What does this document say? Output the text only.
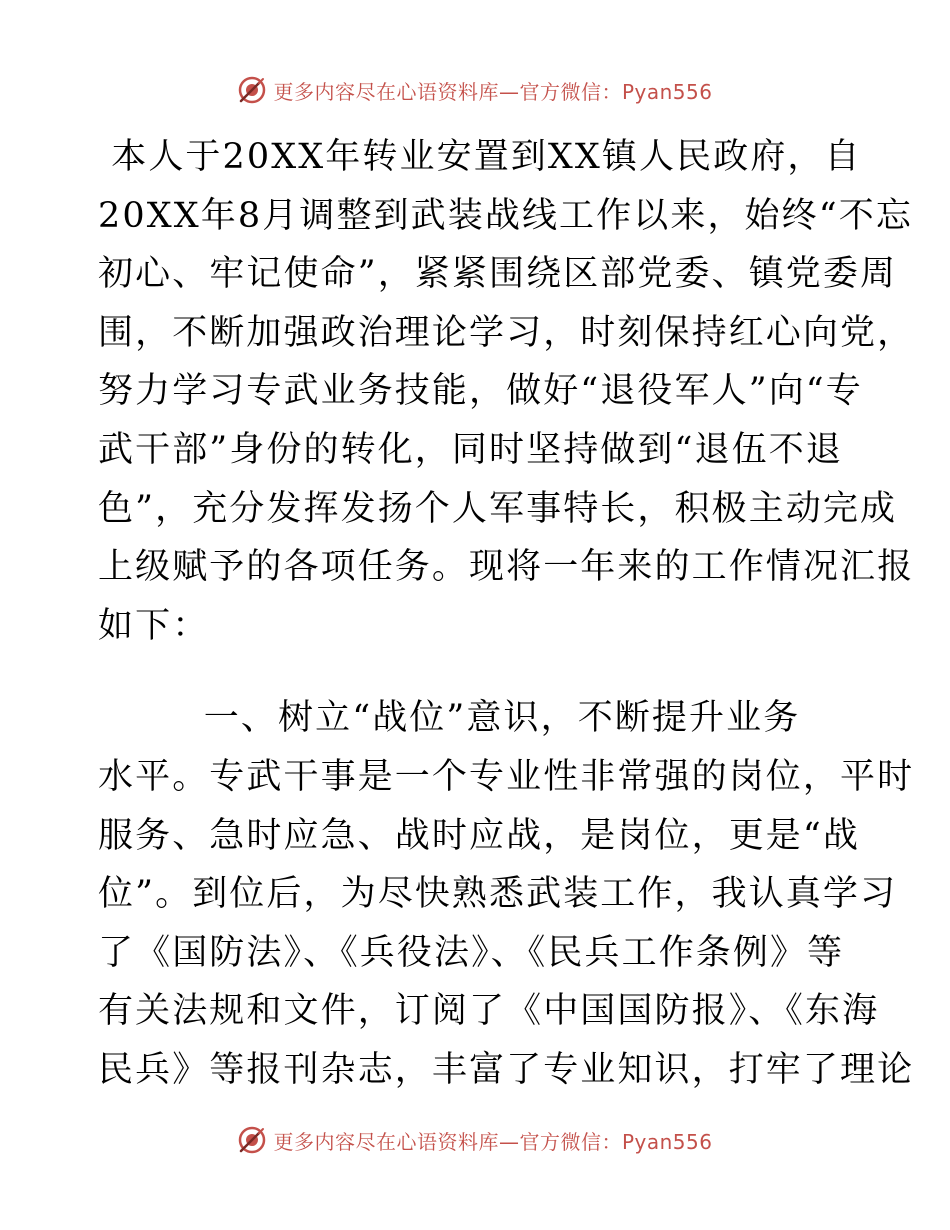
更多内容尽在心语资料库—官方微信：Pyan556
本人于20XX年转业安置到XX镇人民政府，自
20XX年8月调整到武装战线工作以来，始终“不忘
初心、牢记使命”，紧紧围绕区部党委、镇党委周
围，不断加强政治理论学习，时刻保持红心向党，
努力学习专武业务技能，做好“退役军人”向“专
武干部”身份的转化，同时坚持做到“退伍不退
色”，充分发挥发扬个人军事特长，积极主动完成
上级赋予的各项任务。现将一年来的工作情况汇报
如下：
一、树立“战位”意识，不断提升业务
水平。专武干事是一个专业性非常强的岗位，平时
服务、急时应急、战时应战，是岗位，更是“战
位”。到位后，为尽快熟悉武装工作，我认真学习
了《国防法》、《兵役法》、《民兵工作条例》等
有关法规和文件，订阅了《中国国防报》、《东海
民兵》等报刊杂志，丰富了专业知识，打牢了理论
更多内容尽在心语资料库—官方微信：Pyan556
